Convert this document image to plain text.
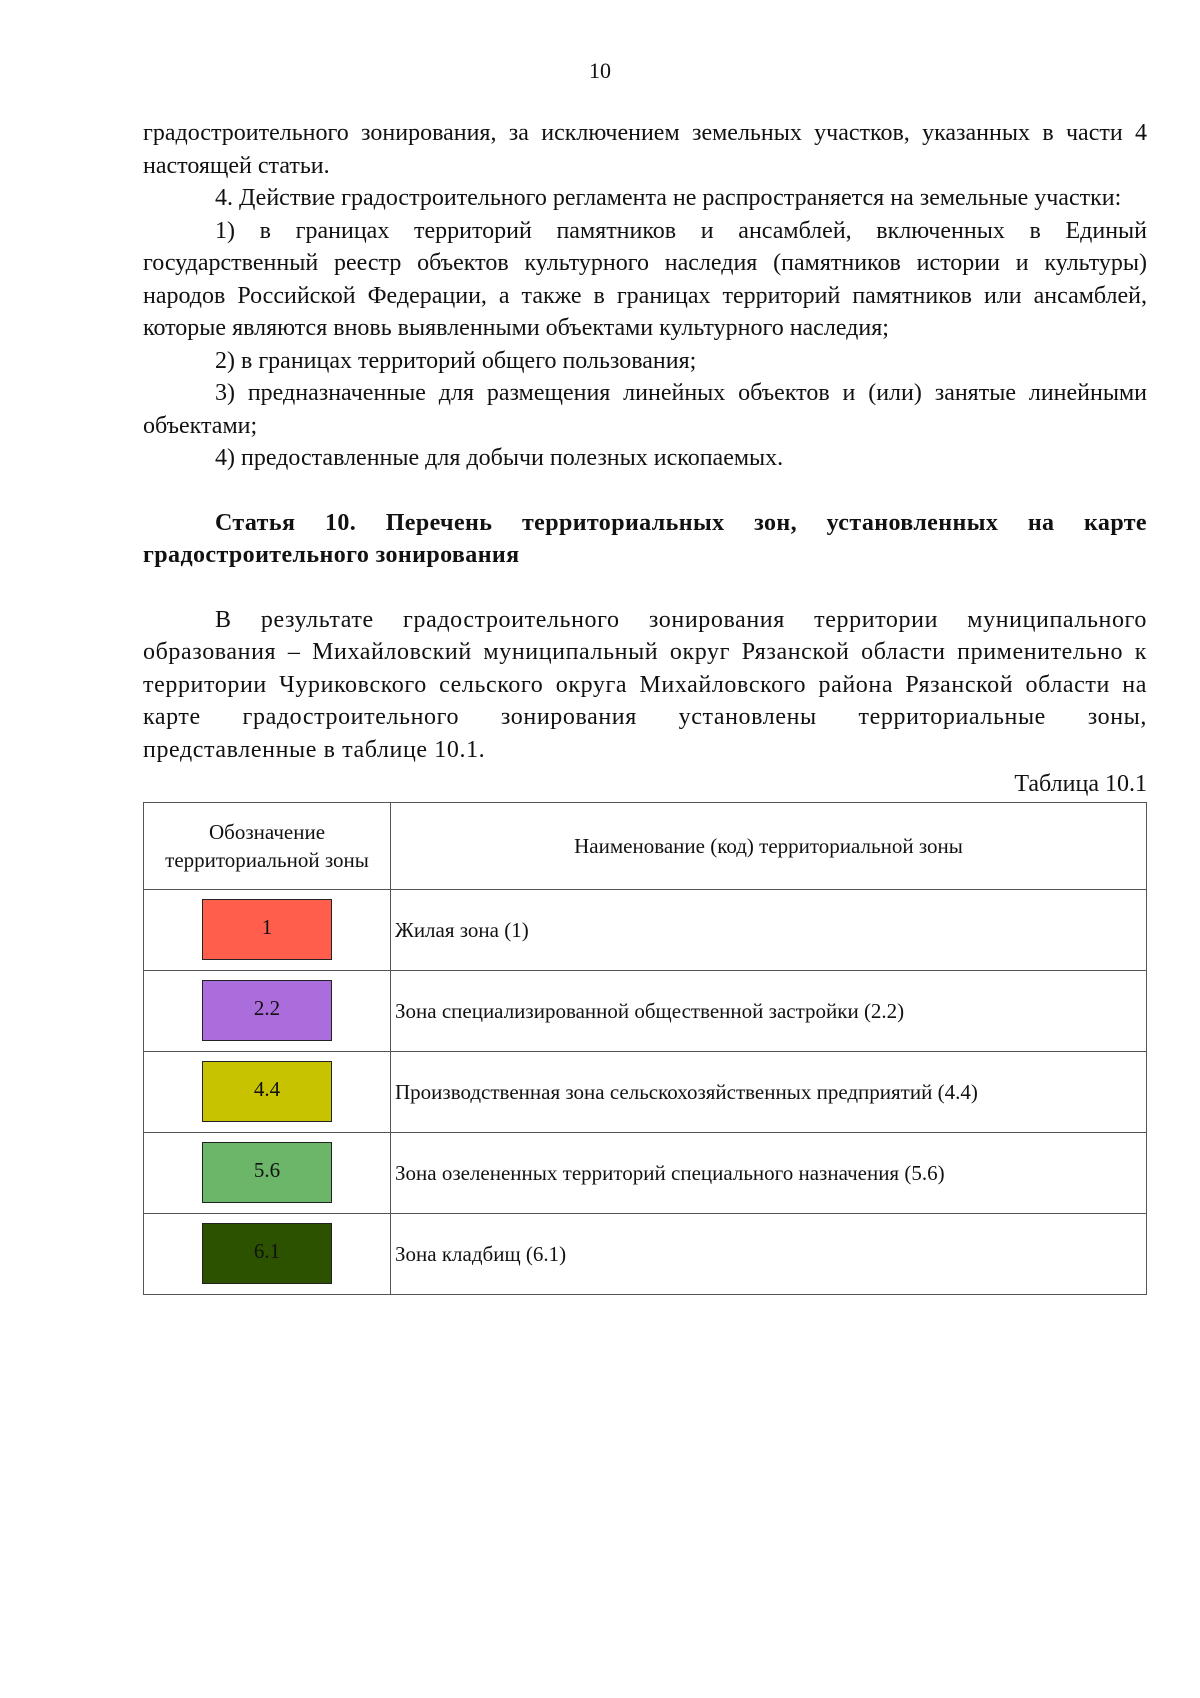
10

градостроительного зонирования, за исключением земельных участков, указанных в части 4 настоящей статьи.

4. Действие градостроительного регламента не распространяется на земельные участки:

1) в границах территорий памятников и ансамблей, включенных в Единый государственный реестр объектов культурного наследия (памятников истории и культуры) народов Российской Федерации, а также в границах территорий памятников или ансамблей, которые являются вновь выявленными объектами культурного наследия;

2) в границах территорий общего пользования;

3) предназначенные для размещения линейных объектов и (или) занятые линейными объектами;

4) предоставленные для добычи полезных ископаемых.

Статья 10. Перечень территориальных зон, установленных на карте градостроительного зонирования

В результате градостроительного зонирования территории муниципального образования – Михайловский муниципальный округ Рязанской области применительно к территории Чуриковского сельского округа Михайловского района Рязанской области на карте градостроительного зонирования установлены территориальные зоны, представленные в таблице 10.1.

Таблица 10.1
Обозначение территориальной зоны	Наименование (код) территориальной зоны
1	Жилая зона (1)
2.2	Зона специализированной общественной застройки (2.2)
4.4	Производственная зона сельскохозяйственных предприятий (4.4)
5.6	Зона озелененных территорий специального назначения (5.6)
6.1	Зона кладбищ (6.1)
